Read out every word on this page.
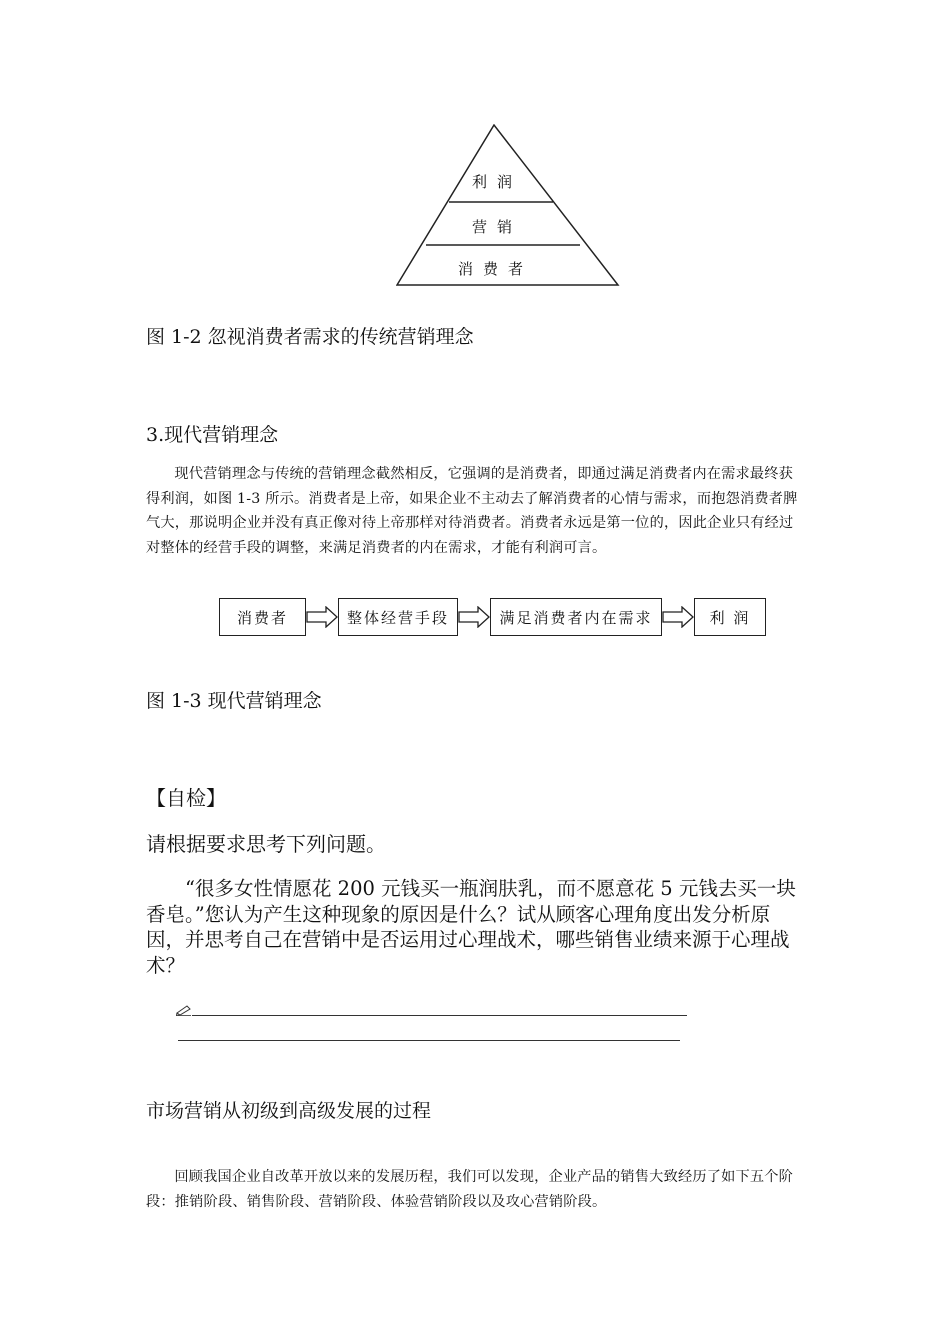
利润
营销
消费者
图 1-2 忽视消费者需求的传统营销理念
3.现代营销理念
现代营销理念与传统的营销理念截然相反，它强调的是消费者，即通过满足消费者内在需求最终获得利润，如图 1-3 所示。消费者是上帝，如果企业不主动去了解消费者的心情与需求，而抱怨消费者脾气大，那说明企业并没有真正像对待上帝那样对待消费者。消费者永远是第一位的，因此企业只有经过对整体的经营手段的调整，来满足消费者的内在需求，才能有利润可言。
消费者	整体经营手段	满足消费者内在需求	利 润
图 1-3 现代营销理念
【自检】
请根据要求思考下列问题。
“很多女性情愿花 200 元钱买一瓶润肤乳，而不愿意花 5 元钱去买一块香皂。”您认为产生这种现象的原因是什么？试从顾客心理角度出发分析原因，并思考自己在营销中是否运用过心理战术，哪些销售业绩来源于心理战术？
市场营销从初级到高级发展的过程
回顾我国企业自改革开放以来的发展历程，我们可以发现，企业产品的销售大致经历了如下五个阶段：推销阶段、销售阶段、营销阶段、体验营销阶段以及攻心营销阶段。
